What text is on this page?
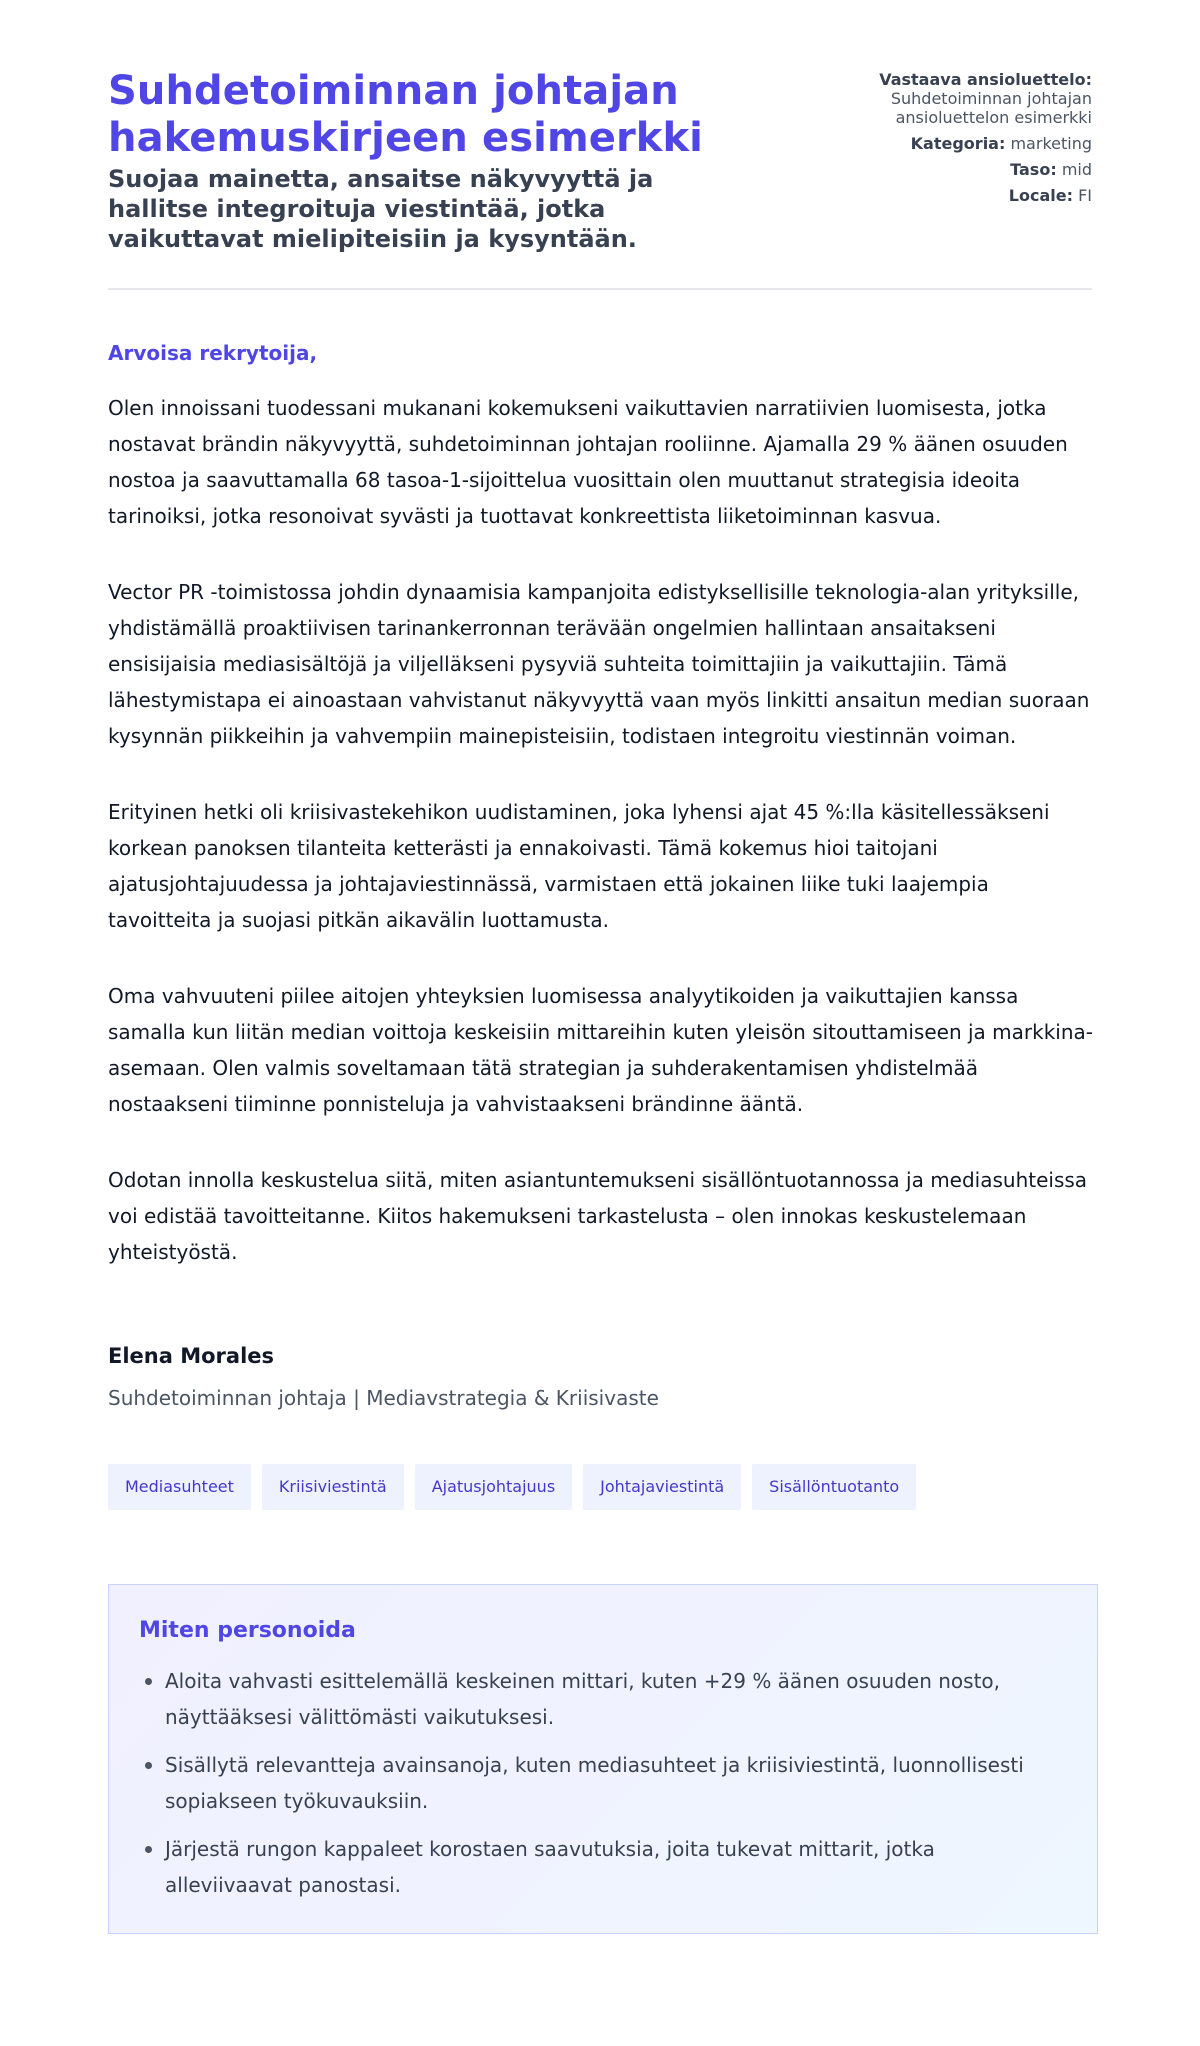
Suhdetoiminnan johtajan hakemuskirjeen esimerkki
Suojaa mainetta, ansaitse näkyvyyttä ja hallitse integroituja viestintää, jotka vaikuttavat mielipiteisiin ja kysyntään.
Vastaava ansioluettelo:
Suhdetoiminnan johtajan ansioluettelon esimerkki
Kategoria: marketing
Taso: mid
Locale: FI

Arvoisa rekrytoija,

Olen innoissani tuodessani mukanani kokemukseni vaikuttavien narratiivien luomisesta, jotka nostavat brändin näkyvyyttä, suhdetoiminnan johtajan rooliinne. Ajamalla 29 % äänen osuuden nostoa ja saavuttamalla 68 tasoa-1-sijoittelua vuosittain olen muuttanut strategisia ideoita tarinoiksi, jotka resonoivat syvästi ja tuottavat konkreettista liiketoiminnan kasvua.

Vector PR -toimistossa johdin dynaamisia kampanjoita edistyksellisille teknologia-alan yrityksille, yhdistämällä proaktiivisen tarinankerronnan terävään ongelmien hallintaan ansaitakseni ensisijaisia mediasisältöjä ja viljelläkseni pysyviä suhteita toimittajiin ja vaikuttajiin. Tämä lähestymistapa ei ainoastaan vahvistanut näkyvyyttä vaan myös linkitti ansaitun median suoraan kysynnän piikkeihin ja vahvempiin mainepisteisiin, todistaen integroitu viestinnän voiman.

Erityinen hetki oli kriisivastekehikon uudistaminen, joka lyhensi ajat 45 %:lla käsitellessäkseni korkean panoksen tilanteita ketterästi ja ennakoivasti. Tämä kokemus hioi taitojani ajatusjohtajuudessa ja johtajaviestinnässä, varmistaen että jokainen liike tuki laajempia tavoitteita ja suojasi pitkän aikavälin luottamusta.

Oma vahvuuteni piilee aitojen yhteyksien luomisessa analyytikoiden ja vaikuttajien kanssa samalla kun liitän median voittoja keskeisiin mittareihin kuten yleisön sitouttamiseen ja markkina-asemaan. Olen valmis soveltamaan tätä strategian ja suhderakentamisen yhdistelmää nostaakseni tiiminne ponnisteluja ja vahvistaakseni brändinne ääntä.

Odotan innolla keskustelua siitä, miten asiantuntemukseni sisällöntuotannossa ja mediasuhteissa voi edistää tavoitteitanne. Kiitos hakemukseni tarkastelusta – olen innokas keskustelemaan yhteistyöstä.

Elena Morales
Suhdetoiminnan johtaja | Mediavstrategia & Kriisivaste
Mediasuhteet	Kriisiviestintä	Ajatusjohtajuus	Johtajaviestintä	Sisällöntuotanto
Miten personoida
Aloita vahvasti esittelemällä keskeinen mittari, kuten +29 % äänen osuuden nosto, näyttääksesi välittömästi vaikutuksesi.
Sisällytä relevantteja avainsanoja, kuten mediasuhteet ja kriisiviestintä, luonnollisesti sopiakseen työkuvauksiin.
Järjestä rungon kappaleet korostaen saavutuksia, joita tukevat mittarit, jotka alleviivaavat panostasi.
